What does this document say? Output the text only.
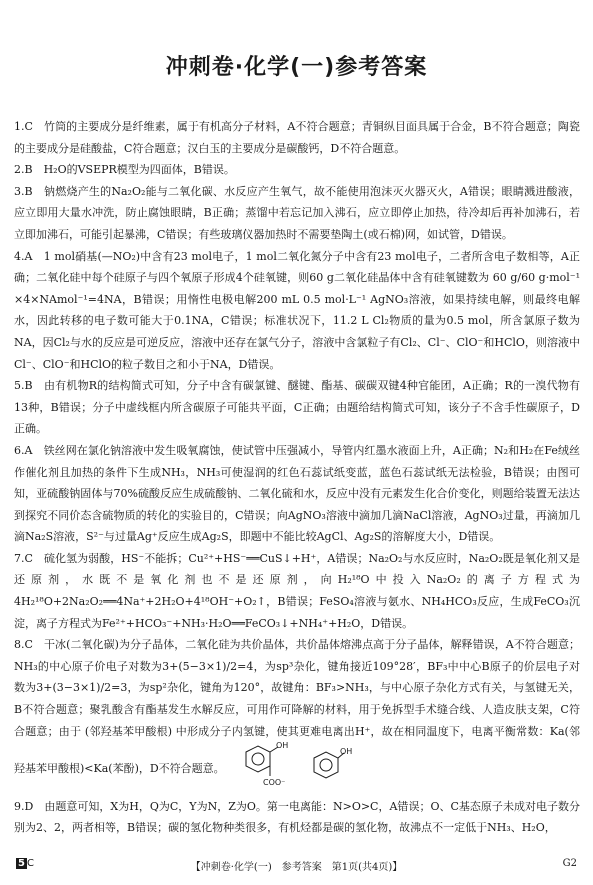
冲刺卷·化学(一)参考答案

1.C　竹筒的主要成分是纤维素，属于有机高分子材料，A不符合题意；青铜纵目面具属于合金，B不符合题意；陶瓷的主要成分是硅酸盐，C符合题意；汉白玉的主要成分是碳酸钙，D不符合题意。

2.B　H₂O的VSEPR模型为四面体，B错误。

3.B　钠燃烧产生的Na₂O₂能与二氧化碳、水反应产生氧气，故不能使用泡沫灭火器灭火，A错误；眼睛溅进酸液，应立即用大量水冲洗，防止腐蚀眼睛，B正确；蒸馏中若忘记加入沸石，应立即停止加热，待冷却后再补加沸石，若立即加沸石，可能引起暴沸，C错误；有些玻璃仪器加热时不需要垫陶土(或石棉)网，如试管，D错误。

4.A　1 mol硝基(—NO₂)中含有23 mol电子，1 mol二氧化氮分子中含有23 mol电子，二者所含电子数相等，A正确；二氧化硅中每个硅原子与四个氧原子形成4个硅氧键，则60 g二氧化硅晶体中含有硅氧键数为 60 g/60 g·mol⁻¹ ×4×NAmol⁻¹=4NA，B错误；用惰性电极电解200 mL 0.5 mol·L⁻¹ AgNO₃溶液，如果持续电解，则最终电解水，因此转移的电子数可能大于0.1NA，C错误；标准状况下，11.2 L Cl₂物质的量为0.5 mol，所含氯原子数为NA，因Cl₂与水的反应是可逆反应，溶液中还存在氯气分子，溶液中含氯粒子有Cl₂、Cl⁻、ClO⁻和HClO，则溶液中Cl⁻、ClO⁻和HClO的粒子数目之和小于NA，D错误。

5.B　由有机物R的结构简式可知，分子中含有碳氯键、醚键、酯基、碳碳双键4种官能团，A正确；R的一溴代物有13种，B错误；分子中虚线框内所含碳原子可能共平面，C正确；由题给结构简式可知，该分子不含手性碳原子，D正确。

6.A　铁丝网在氯化钠溶液中发生吸氧腐蚀，使试管中压强减小，导管内红墨水液面上升，A正确；N₂和H₂在Fe绒丝作催化剂且加热的条件下生成NH₃，NH₃可使湿润的红色石蕊试纸变蓝，蓝色石蕊试纸无法检验，B错误；由图可知，亚硫酸钠固体与70%硫酸反应生成硫酸钠、二氧化硫和水，反应中没有元素发生化合价变化，则题给装置无法达到探究不同价态含硫物质的转化的实验目的，C错误；向AgNO₃溶液中滴加几滴NaCl溶液，AgNO₃过量，再滴加几滴Na₂S溶液，S²⁻与过量Ag⁺反应生成Ag₂S，即题中不能比较AgCl、Ag₂S的溶解度大小，D错误。

7.C　硫化氢为弱酸，HS⁻不能拆；Cu²⁺+HS⁻══CuS↓+H⁺，A错误；Na₂O₂与水反应时，Na₂O₂既是氧化剂又是还原剂，水既不是氧化剂也不是还原剂，向H₂¹⁸O中投入Na₂O₂的离子方程式为4H₂¹⁸O+2Na₂O₂══4Na⁺+2H₂O+4¹⁸OH⁻+O₂↑，B错误；FeSO₄溶液与氨水、NH₄HCO₃反应，生成FeCO₃沉淀，离子方程式为Fe²⁺+HCO₃⁻+NH₃·H₂O══FeCO₃↓+NH₄⁺+H₂O，D错误。

8.C　干冰(二氧化碳)为分子晶体，二氧化硅为共价晶体，共价晶体熔沸点高于分子晶体，解释错误，A不符合题意；NH₃的中心原子价电子对数为3+(5−3×1)/2=4，为sp³杂化，键角接近109°28′，BF₃中中心B原子的价层电子对数为3+(3−3×1)/2=3，为sp²杂化，键角为120°，故键角：BF₃>NH₃，与中心原子杂化方式有关，与氢键无关，B不符合题意；聚乳酸含有酯基发生水解反应，可用作可降解的材料，用于免拆型手术缝合线、人造皮肤支架，C符合题意；由于 (邻羟基苯甲酸根) 中形成分子内氢键，使其更难电离出H⁺，故在相同温度下，电离平衡常数：Ka(邻羟基苯甲酸根)<Ka(苯酚)，D不符合题意。
OH
COO⁻

OH

9.D　由题意可知，X为H，Q为C，Y为N，Z为O。第一电离能：N>O>C，A错误；O、C基态原子未成对电子数分别为2、2，两者相等，B错误；碳的氢化物种类很多，有机烃都是碳的氢化物，故沸点不一定低于NH₃、H₂O，

5 C	【冲刺卷·化学(一)　参考答案　第1页(共4页)】	G2
